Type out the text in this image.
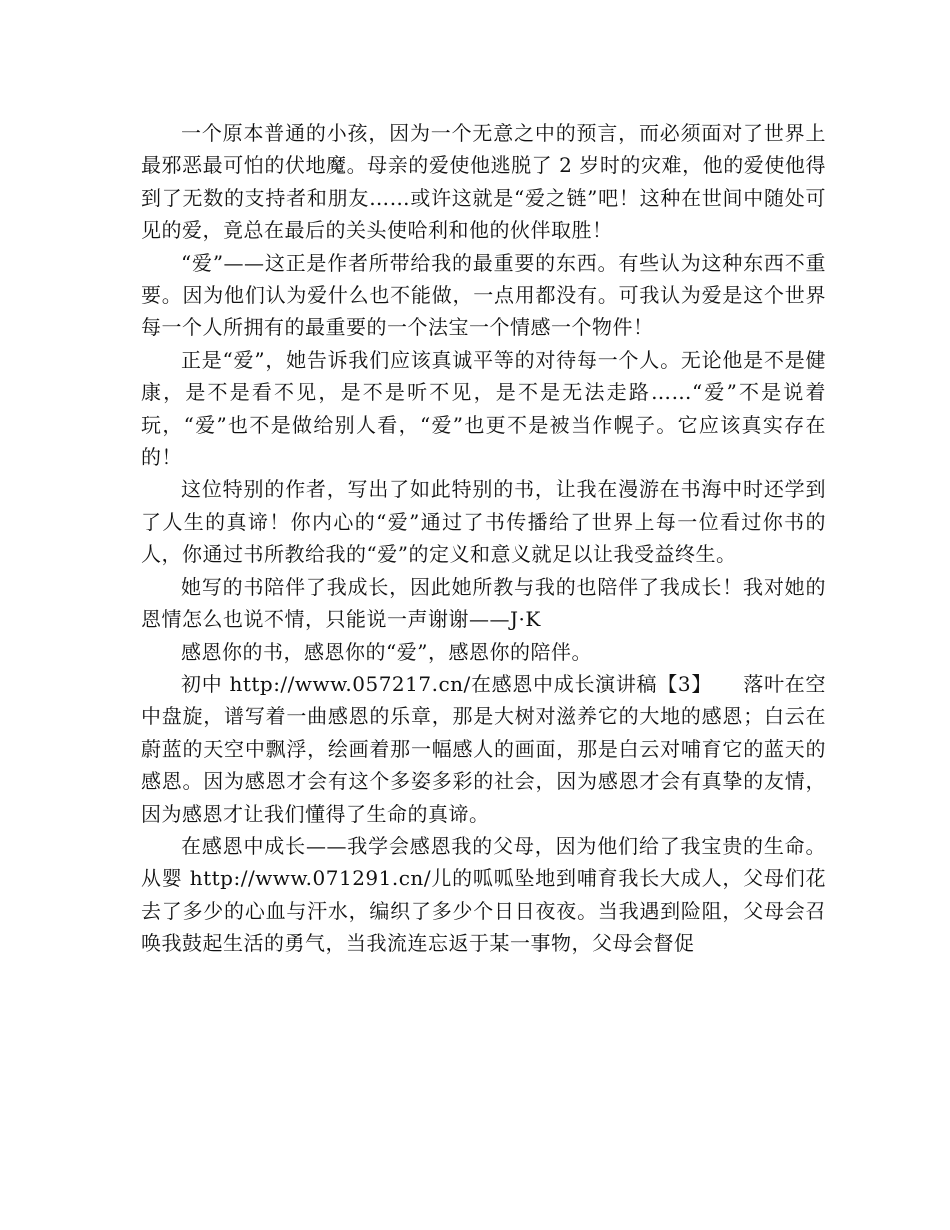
一个原本普通的小孩，因为一个无意之中的预言，而必须面对了世界上最邪恶最可怕的伏地魔。母亲的爱使他逃脱了 2 岁时的灾难，他的爱使他得到了无数的支持者和朋友……或许这就是“爱之链”吧！这种在世间中随处可见的爱，竟总在最后的关头使哈利和他的伙伴取胜！

“爱”——这正是作者所带给我的最重要的东西。有些认为这种东西不重要。因为他们认为爱什么也不能做，一点用都没有。可我认为爱是这个世界每一个人所拥有的最重要的一个法宝一个情感一个物件！

正是“爱”，她告诉我们应该真诚平等的对待每一个人。无论他是不是健康，是不是看不见，是不是听不见，是不是无法走路……“爱”不是说着玩，“爱”也不是做给别人看，“爱”也更不是被当作幌子。它应该真实存在的！

这位特别的作者，写出了如此特别的书，让我在漫游在书海中时还学到了人生的真谛！你内心的“爱”通过了书传播给了世界上每一位看过你书的人，你通过书所教给我的“爱”的定义和意义就足以让我受益终生。

她写的书陪伴了我成长，因此她所教与我的也陪伴了我成长！我对她的恩情怎么也说不情，只能说一声谢谢——J·K

感恩你的书，感恩你的“爱”，感恩你的陪伴。

初中 http://www.057217.cn/在感恩中成长演讲稿【3】　　落叶在空中盘旋，谱写着一曲感恩的乐章，那是大树对滋养它的大地的感恩；白云在蔚蓝的天空中飘浮，绘画着那一幅感人的画面，那是白云对哺育它的蓝天的感恩。因为感恩才会有这个多姿多彩的社会，因为感恩才会有真挚的友情，因为感恩才让我们懂得了生命的真谛。

在感恩中成长——我学会感恩我的父母，因为他们给了我宝贵的生命。从婴 http://www.071291.cn/儿的呱呱坠地到哺育我长大成人，父母们花去了多少的心血与汗水，编织了多少个日日夜夜。当我遇到险阻，父母会召唤我鼓起生活的勇气，当我流连忘返于某一事物，父母会督促
